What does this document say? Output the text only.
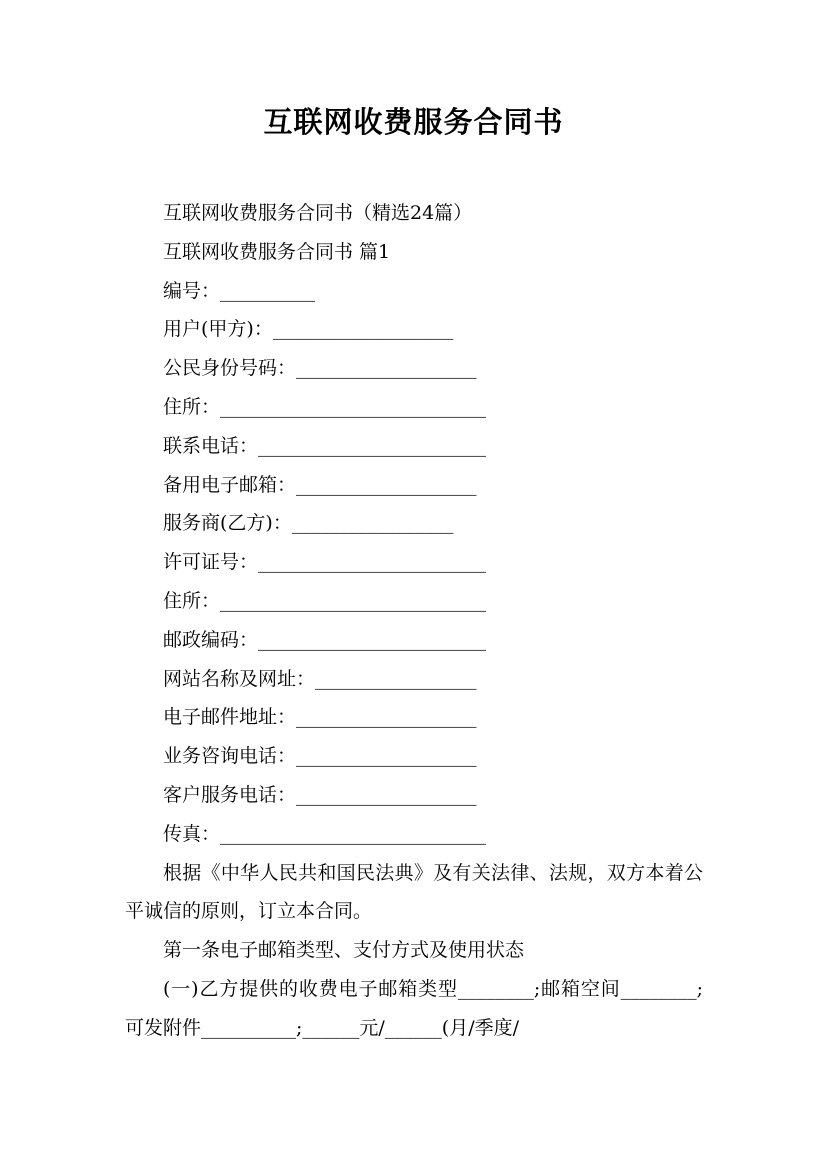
互联网收费服务合同书

互联网收费服务合同书（精选24篇）

互联网收费服务合同书 篇1

编号：__________

用户(甲方)：___________________

公民身份号码：___________________

住所：____________________________

联系电话：________________________

备用电子邮箱：___________________

服务商(乙方)：_________________

许可证号：________________________

住所：____________________________

邮政编码：________________________

网站名称及网址：_________________

电子邮件地址：___________________

业务咨询电话：___________________

客户服务电话：___________________

传真：____________________________

根据《中华人民共和国民法典》及有关法律、法规，双方本着公平诚信的原则，订立本合同。

第一条电子邮箱类型、支付方式及使用状态

(一)乙方提供的收费电子邮箱类型________;邮箱空间________;可发附件__________;______元/______(月/季度/
